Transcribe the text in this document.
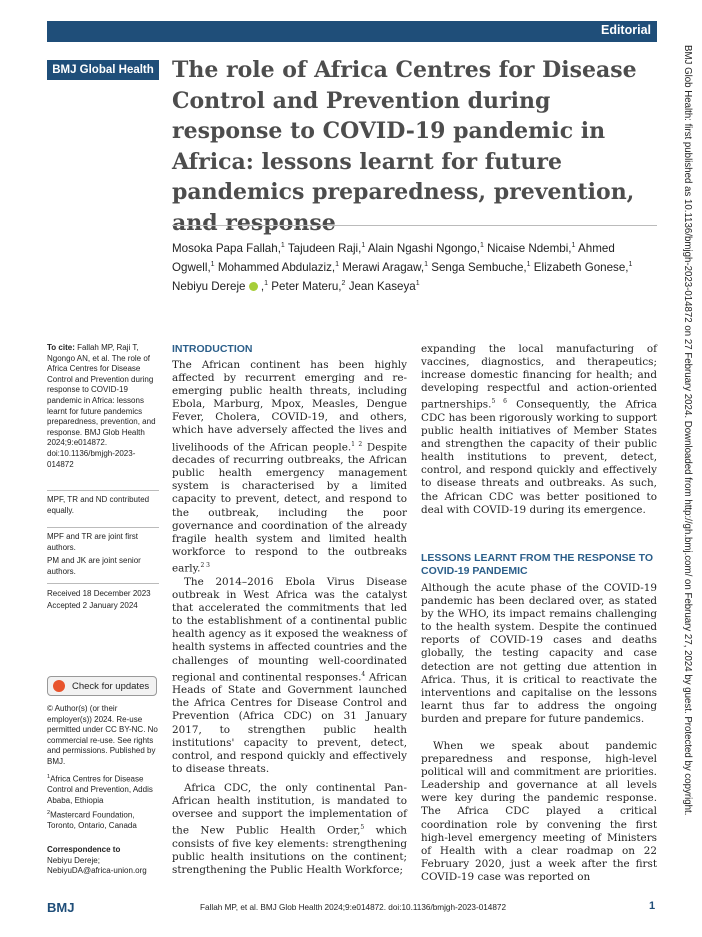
Editorial
BMJ Global Health The role of Africa Centres for Disease Control and Prevention during response to COVID-19 pandemic in Africa: lessons learnt for future pandemics preparedness, prevention, and response
Mosoka Papa Fallah,$^1$ Tajudeen Raji,$^1$ Alain Ngashi Ngongo,$^1$ Nicaise Ndembi,$^1$ Ahmed Ogwell,$^1$ Mohammed Abdulaziz,$^1$ Merawi Aragaw,$^1$ Senga Sembuche,$^1$ Elizabeth Gonese,$^1$ Nebiyu Dereje  ,$^1$ Peter Materu,$^2$ Jean Kaseya$^1$
To cite: Fallah MP, Raji T, Ngongo AN, et al. The role of Africa Centres for Disease Control and Prevention during response to COVID-19 pandemic in Africa: lessons learnt for future pandemics preparedness, prevention, and response. BMJ Glob Health 2024;9:e014872. doi:10.1136/bmjgh-2023-014872
MPF, TR and ND contributed equally.
MPF and TR are joint first authors.
PM and JK are joint senior authors.
Received 18 December 2023
Accepted 2 January 2024
Check for updates
© Author(s) (or their employer(s)) 2024. Re-use permitted under CC BY-NC. No commercial re-use. See rights and permissions. Published by BMJ.
$^1$Africa Centres for Disease Control and Prevention, Addis Ababa, Ethiopia
$^2$Mastercard Foundation, Toronto, Ontario, Canada
Correspondence to
Nebiyu Dereje;
NebiyuDA@africa-union.org
INTRODUCTION

The African continent has been highly affected by recurrent emerging and re-emerging public health threats, including Ebola, Marburg, Mpox, Measles, Dengue Fever, Cholera, COVID-19, and others, which have adversely affected the lives and livelihoods of the African people.$^{1 2}$ Despite decades of recurring outbreaks, the African public health emergency management system is characterised by a limited capacity to prevent, detect, and respond to the outbreak, including the poor governance and coordination of the already fragile health system and limited health workforce to respond to the outbreaks early.$^{2 3}$

The 2014–2016 Ebola Virus Disease outbreak in West Africa was the catalyst that accelerated the commitments that led to the establishment of a continental public health agency as it exposed the weakness of health systems in affected countries and the challenges of mounting well-coordinated regional and continental responses.$^4$ African Heads of State and Government launched the Africa Centres for Disease Control and Prevention (Africa CDC) on 31 January 2017, to strengthen public health institutions' capacity to prevent, detect, control, and respond quickly and effectively to disease threats.

Africa CDC, the only continental Pan-African health institution, is mandated to oversee and support the implementation of the New Public Health Order,$^5$ which consists of five key elements: strengthening public health insitutions on the continent; strengthening the Public Health Workforce;

expanding the local manufacturing of vaccines, diagnostics, and therapeutics; increase domestic financing for health; and developing respectful and action-oriented partnerships.$^{5 6}$ Consequently, the Africa CDC has been rigorously working to support public health initiatives of Member States and strengthen the capacity of their public health institutions to prevent, detect, control, and respond quickly and effectively to disease threats and outbreaks. As such, the African CDC was better positioned to deal with COVID-19 during its emergence.

LESSONS LEARNT FROM THE RESPONSE TO COVID-19 PANDEMIC

Although the acute phase of the COVID-19 pandemic has been declared over, as stated by the WHO, its impact remains challenging to the health system. Despite the continued reports of COVID-19 cases and deaths globally, the testing capacity and case detection are not getting due attention in Africa. Thus, it is critical to reactivate the interventions and capitalise on the lessons learnt thus far to address the ongoing burden and prepare for future pandemics.

When we speak about pandemic preparedness and response, high-level political will and commitment are priorities. Leadership and governance at all levels were key during the pandemic response. The Africa CDC played a critical coordination role by convening the first high-level emergency meeting of Ministers of Health with a clear roadmap on 22 February 2020, just a week after the first COVID-19 case was reported on

BMJ Glob Health: first published as 10.1136/bmjgh-2023-014872 on 27 February 2024. Downloaded from http://gh.bmj.com/ on February 27, 2024 by guest. Protected by copyright.
BMJ	Fallah MP, et al. BMJ Glob Health 2024;9:e014872. doi:10.1136/bmjgh-2023-014872	1
